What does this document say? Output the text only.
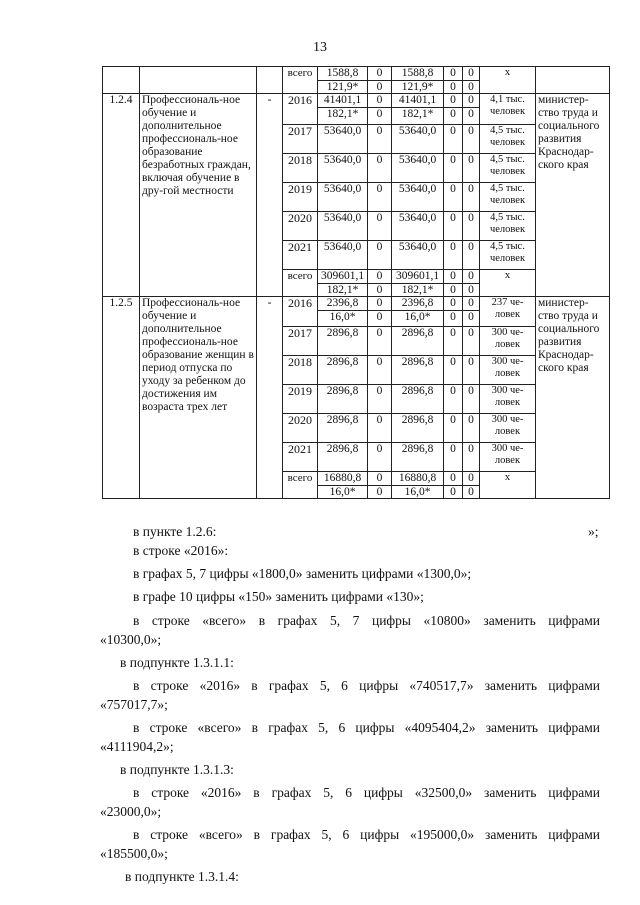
13
			всего	1588,8	0	1588,8	0	0	х	
				121,9*	0	121,9*	0	0		
1.2.4	Профессиональ-ное обучение и дополнительное профессиональ-ное образование безработных граждан, включая обучение в дру-гой местности	-	2016	41401,1	0	41401,1	0	0	4,1 тыс. человек	министер-ство труда и социального развития Краснодар-ского края
				182,1*	0	182,1*	0	0		
			2017	53640,0	0	53640,0	0	0	4,5 тыс. человек	
			2018	53640,0	0	53640,0	0	0	4,5 тыс. человек	
			2019	53640,0	0	53640,0	0	0	4,5 тыс. человек	
			2020	53640,0	0	53640,0	0	0	4,5 тыс. человек	
			2021	53640,0	0	53640,0	0	0	4,5 тыс. человек	
			всего	309601,1	0	309601,1	0	0	х	
				182,1*	0	182,1*	0	0		
1.2.5	Профессиональ-ное обучение и дополнительное профессиональ-ное образование женщин в период отпуска по уходу за ребенком до достижения им возраста трех лет	-	2016	2396,8	0	2396,8	0	0	237 че-ловек	министер-ство труда и социального развития Краснодар-ского края
				16,0*	0	16,0*	0	0		
			2017	2896,8	0	2896,8	0	0	300 че-ловек	
			2018	2896,8	0	2896,8	0	0	300 че-ловек	
			2019	2896,8	0	2896,8	0	0	300 че-ловек	
			2020	2896,8	0	2896,8	0	0	300 че-ловек	
			2021	2896,8	0	2896,8	0	0	300 че-ловек	
			всего	16880,8	0	16880,8	0	0	х	
				16,0*	0	16,0*	0	0		
»;
в пункте 1.2.6:
в строке «2016»:
в графах 5, 7 цифры «1800,0» заменить цифрами «1300,0»;
в графе 10 цифры «150» заменить цифрами «130»;
в строке «всего» в графах 5, 7 цифры «10800» заменить цифрами
«10300,0»;
в подпункте 1.3.1.1:
в строке «2016» в графах 5, 6 цифры «740517,7» заменить цифрами
«757017,7»;
в строке «всего» в графах 5, 6 цифры «4095404,2» заменить цифрами
«4111904,2»;
в подпункте 1.3.1.3:
в строке «2016» в графах 5, 6 цифры «32500,0» заменить цифрами
«23000,0»;
в строке «всего» в графах 5, 6 цифры «195000,0» заменить цифрами
«185500,0»;
в подпункте 1.3.1.4:
